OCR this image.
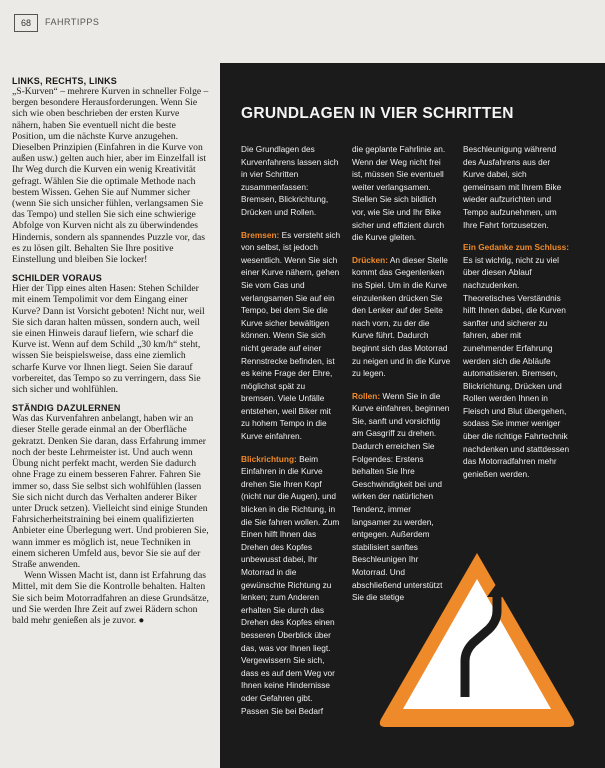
68	FAHRTIPPS
LINKS, RECHTS, LINKS

„S-Kurven“ – mehrere Kurven in schneller Folge – bergen besondere Herausforderungen. Wenn Sie sich wie oben beschrieben der ersten Kurve nähern, haben Sie eventuell nicht die beste Position, um die nächste Kurve anzugehen. Dieselben Prinzipien (Einfahren in die Kurve von außen usw.) gelten auch hier, aber im Einzelfall ist Ihr Weg durch die Kurven ein wenig Kreativität gefragt. Wählen Sie die optimale Methode nach bestem Wissen. Gehen Sie auf Nummer sicher (wenn Sie sich unsicher fühlen, verlangsamen Sie das Tempo) und stellen Sie sich eine schwierige Abfolge von Kurven nicht als zu überwindendes Hindernis, sondern als spannendes Puzzle vor, das es zu lösen gilt. Behalten Sie Ihre positive Einstellung und bleiben Sie locker!

SCHILDER VORAUS

Hier der Tipp eines alten Hasen: Stehen Schilder mit einem Tempolimit vor dem Eingang einer Kurve? Dann ist Vorsicht geboten! Nicht nur, weil Sie sich daran halten müssen, sondern auch, weil sie einen Hinweis darauf liefern, wie scharf die Kurve ist. Wenn auf dem Schild „30 km/h“ steht, wissen Sie beispielsweise, dass eine ziemlich scharfe Kurve vor Ihnen liegt. Seien Sie darauf vorbereitet, das Tempo so zu verringern, dass Sie sich sicher und wohlfühlen.

STÄNDIG DAZULERNEN

Was das Kurvenfahren anbelangt, haben wir an dieser Stelle gerade einmal an der Oberfläche gekratzt. Denken Sie daran, dass Erfahrung immer noch der beste Lehrmeister ist. Und auch wenn Übung nicht perfekt macht, werden Sie dadurch ohne Frage zu einem besseren Fahrer. Fahren Sie immer so, dass Sie selbst sich wohlfühlen (lassen Sie sich nicht durch das Verhalten anderer Biker unter Druck setzen). Vielleicht sind einige Stunden Fahrsicherheitstraining bei einem qualifizierten Anbieter eine Überlegung wert. Und probieren Sie, wann immer es möglich ist, neue Techniken in einem sicheren Umfeld aus, bevor Sie sie auf der Straße anwenden.

Wenn Wissen Macht ist, dann ist Erfahrung das Mittel, mit dem Sie die Kontrolle behalten. Halten Sie sich beim Motorradfahren an diese Grundsätze, und Sie werden Ihre Zeit auf zwei Rädern schon bald mehr genießen als je zuvor. ●

GRUNDLAGEN IN VIER SCHRITTEN

Die Grundlagen des Kurvenfahrens lassen sich in vier Schritten zusammenfassen: Bremsen, Blickrichtung, Drücken und Rollen.

Bremsen: Es versteht sich von selbst, ist jedoch wesentlich. Wenn Sie sich einer Kurve nähern, gehen Sie vom Gas und verlangsamen Sie auf ein Tempo, bei dem Sie die Kurve sicher bewältigen können. Wenn Sie sich nicht gerade auf einer Rennstrecke befinden, ist es keine Frage der Ehre, möglichst spät zu bremsen. Viele Unfälle entstehen, weil Biker mit zu hohem Tempo in die Kurve einfahren.

Blickrichtung: Beim Einfahren in die Kurve drehen Sie Ihren Kopf (nicht nur die Augen), und blicken in die Richtung, in die Sie fahren wollen. Zum Einen hilft Ihnen das Drehen des Kopfes unbewusst dabei, Ihr Motorrad in die gewünschte Richtung zu lenken; zum Anderen erhalten Sie durch das Drehen des Kopfes einen besseren Überblick über das, was vor Ihnen liegt. Vergewissern Sie sich, dass es auf dem Weg vor Ihnen keine Hindernisse oder Gefahren gibt. Passen Sie bei Bedarf

die geplante Fahrlinie an. Wenn der Weg nicht frei ist, müssen Sie eventuell weiter verlangsamen. Stellen Sie sich bildlich vor, wie Sie und Ihr Bike sicher und effizient durch die Kurve gleiten.

Drücken: An dieser Stelle kommt das Gegenlenken ins Spiel. Um in die Kurve einzulenken drücken Sie den Lenker auf der Seite nach vorn, zu der die Kurve führt. Dadurch beginnt sich das Motorrad zu neigen und in die Kurve zu legen.

Rollen: Wenn Sie in die Kurve einfahren, beginnen Sie, sanft und vorsichtig am Gasgriff zu drehen. Dadurch erreichen Sie Folgendes: Erstens behalten Sie Ihre Geschwindigkeit bei und wirken der natürlichen Tendenz, immer langsamer zu werden, entgegen. Außerdem stabilisiert sanftes Beschleunigen Ihr Motorrad. Und abschließend unterstützt Sie die stetige

Beschleunigung während des Ausfahrens aus der Kurve dabei, sich gemeinsam mit Ihrem Bike wieder aufzurichten und Tempo aufzunehmen, um Ihre Fahrt fortzusetzen.

Ein Gedanke zum Schluss: Es ist wichtig, nicht zu viel über diesen Ablauf nachzudenken. Theoretisches Verständnis hilft Ihnen dabei, die Kurven sanfter und sicherer zu fahren, aber mit zunehmender Erfahrung werden sich die Abläufe automatisieren. Bremsen, Blickrichtung, Drücken und Rollen werden Ihnen in Fleisch und Blut übergehen, sodass Sie immer weniger über die richtige Fahrtechnik nachdenken und stattdessen das Motorradfahren mehr genießen werden.
